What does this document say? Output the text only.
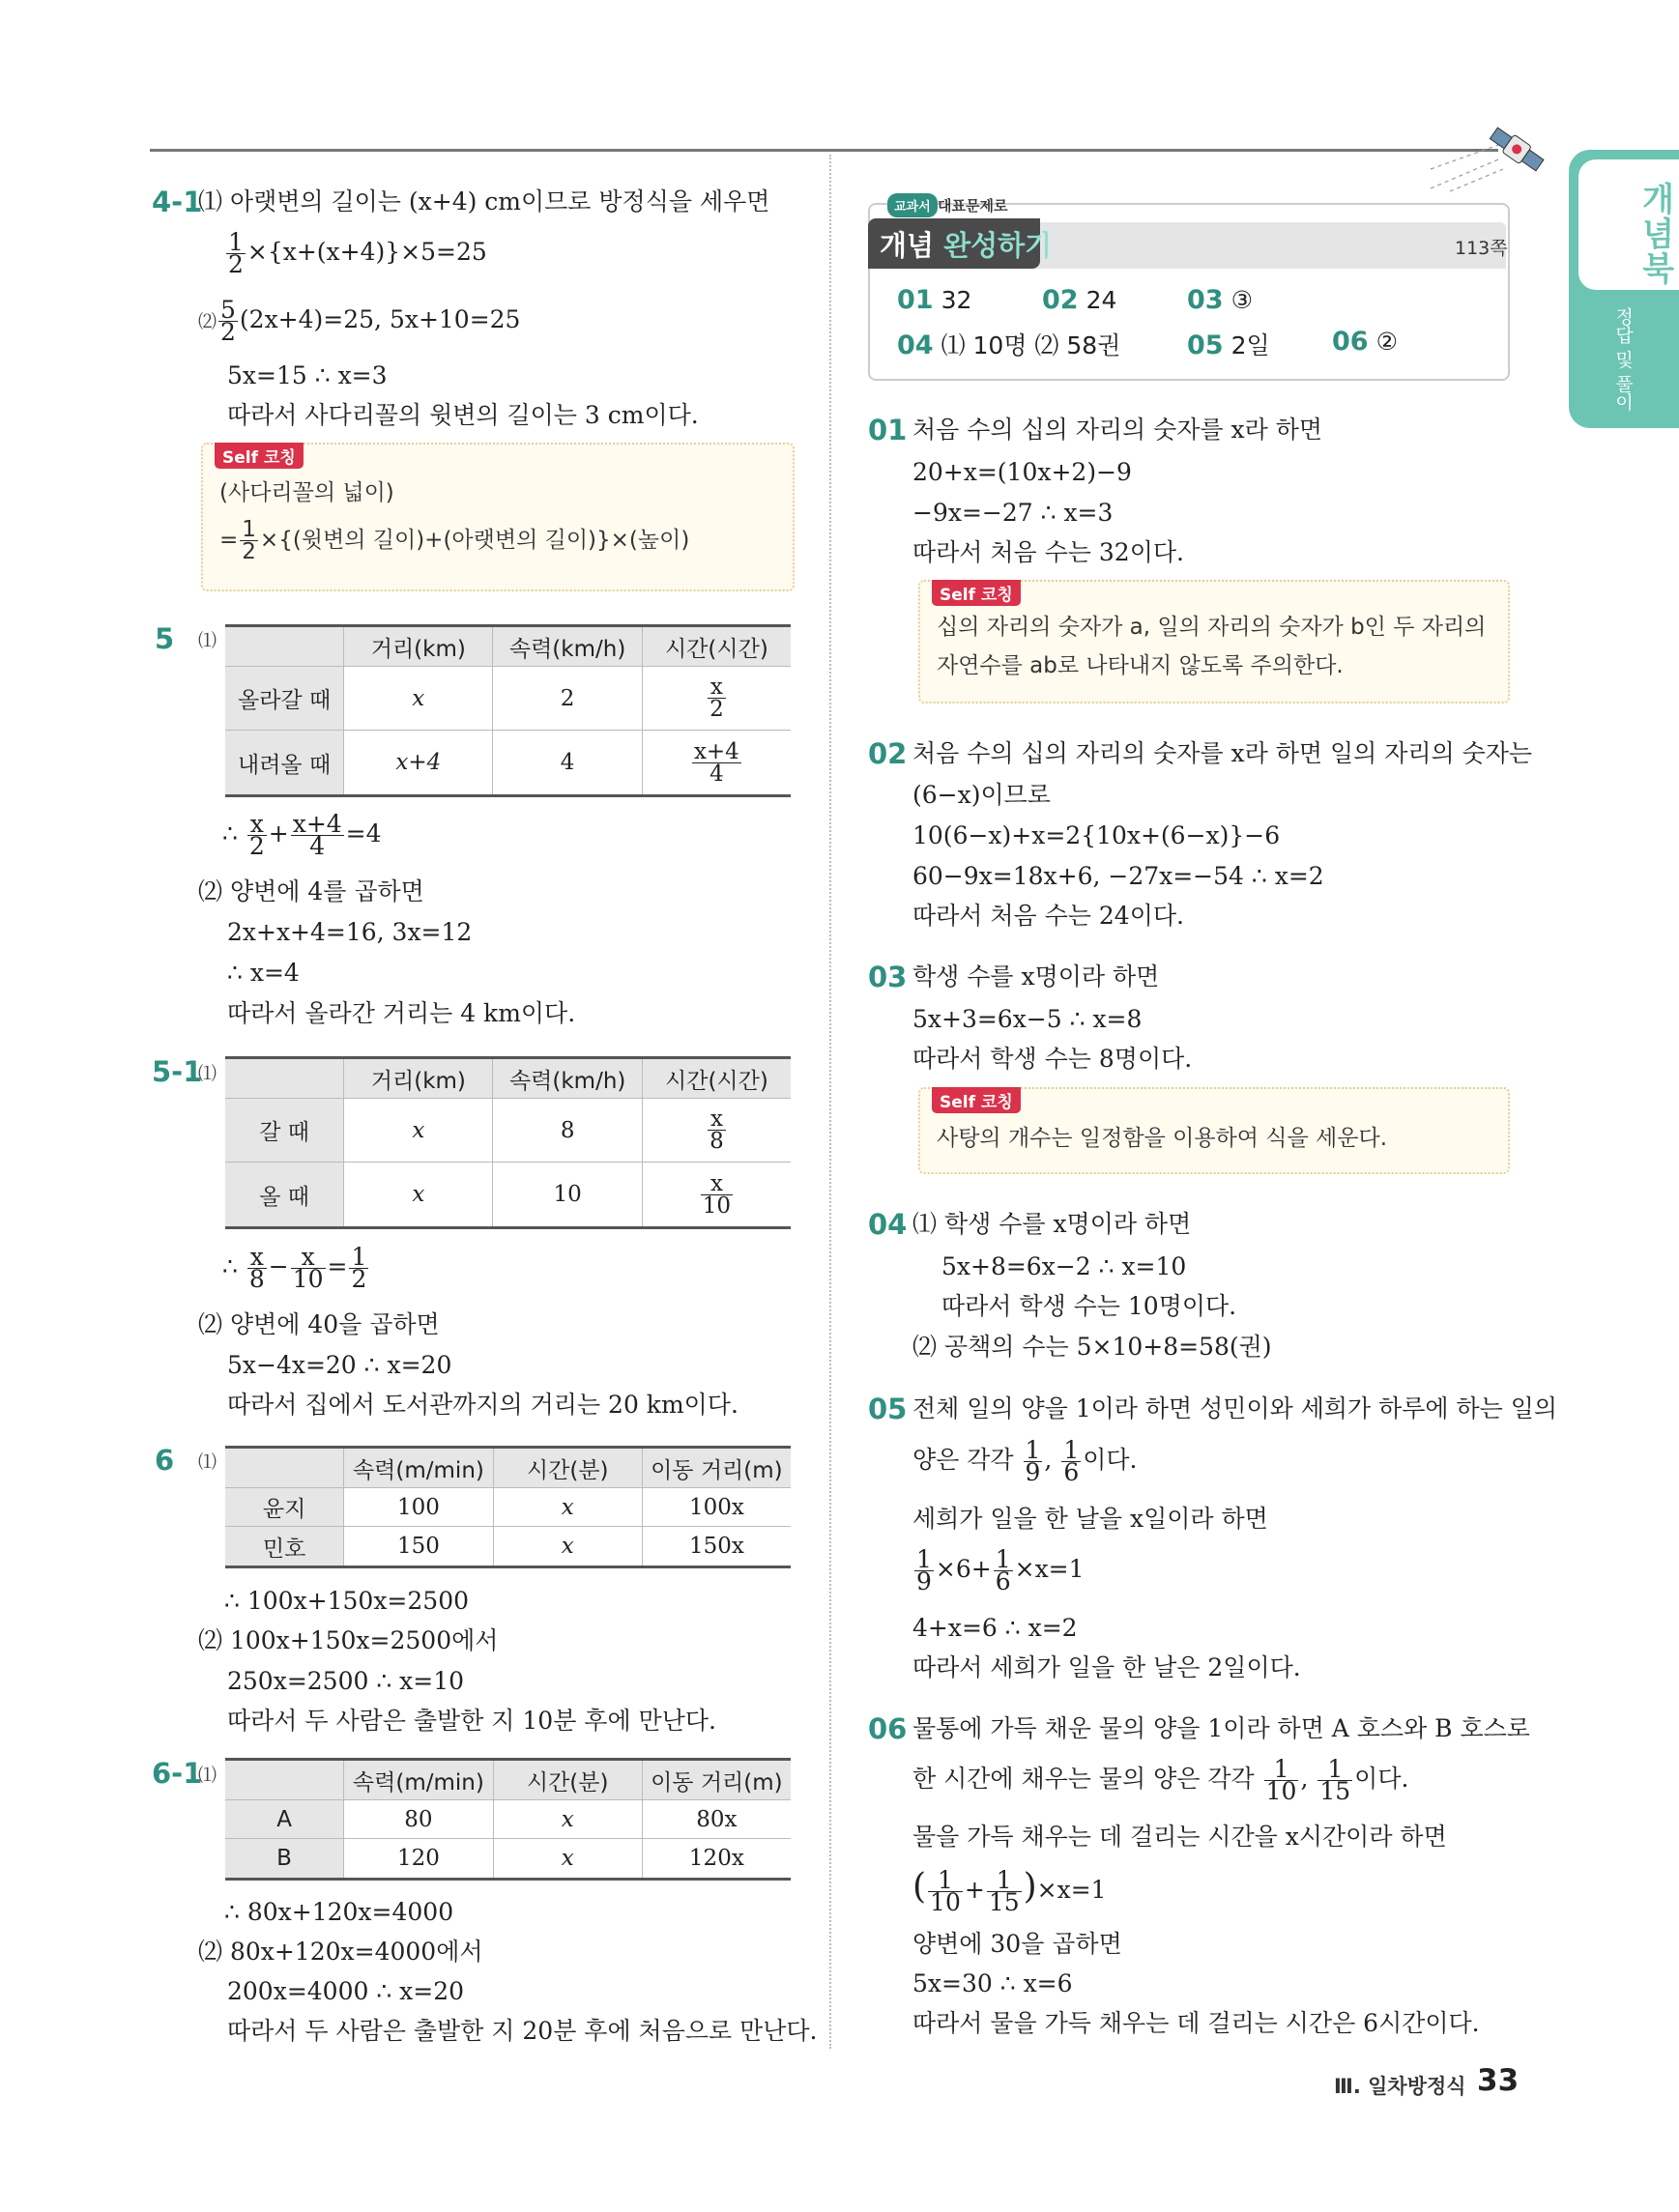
개념북
정답 및 풀이
4-1
⑴ 아랫변의 길이는 (x+4) cm이므로 방정식을 세우면
$\frac{1}{2} \times\{x+(x+4)\}\times 5=25$
⑵ $\frac{5}{2} (2x+4)=25$, 5x+10=25
5x=15 ∴ x=3
따라서 사다리꼴의 윗변의 길이는 3 cm이다.
Self 코칭
(사다리꼴의 넓이)
= $\frac{1}{2}$ ×{(윗변의 길이)+(아랫변의 길이)}×(높이)
5 ⑴
		거리(km)	속력(km/h)	시간(시간)
올라갈 때	x	2	$\frac{x}{2}$

내려올 때	x+4	4	$\frac{x+4}{4}$
∴ $\frac{x}{2} + \frac{x+4}{4} =4$
⑵ 양변에 4를 곱하면
2x+x+4=16, 3x=12
∴ x=4
따라서 올라간 거리는 4 km이다.
5-1
⑴
		거리(km)	속력(km/h)	시간(시간)
갈 때	x	8	$\frac{x}{8}$

올 때	x	10	$\frac{x}{10}$
∴ $\frac{x}{8} - \frac{x}{10} = \frac{1}{2}$
⑵ 양변에 40을 곱하면
5x−4x=20 ∴ x=20
따라서 집에서 도서관까지의 거리는 20 km이다.
6 ⑴
		속력(m/min)	시간(분)	이동 거리(m)
윤지	100	x	100x
민호	150	x	150x
∴ 100x+150x=2500
⑵ 100x+150x=2500에서
250x=2500 ∴ x=10
따라서 두 사람은 출발한 지 10분 후에 만난다.
6-1
⑴
		속력(m/min)	시간(분)	이동 거리(m)
A	80	x	80x
B	120	x	120x
∴ 80x+120x=4000
⑵ 80x+120x=4000에서
200x=4000 ∴ x=20
따라서 두 사람은 출발한 지 20분 후에 처음으로 만난다.
교과서 대표문제로
개념 완성하기	113쪽
01 32	02 24	03 ③
04 ⑴ 10명 ⑵ 58권	05 2일 06 ②
01 처음 수의 십의 자리의 숫자를 x라 하면
20+x=(10x+2)−9
−9x=−27 ∴ x=3
따라서 처음 수는 32이다.
Self 코칭
십의 자리의 숫자가 a, 일의 자리의 숫자가 b인 두 자리의
자연수를 ab로 나타내지 않도록 주의한다.
02 처음 수의 십의 자리의 숫자를 x라 하면 일의 자리의 숫자는
(6−x)이므로
10(6−x)+x=2{10x+(6−x)}−6
60−9x=18x+6, −27x=−54 ∴ x=2
따라서 처음 수는 24이다.
03 학생 수를 x명이라 하면
5x+3=6x−5 ∴ x=8
따라서 학생 수는 8명이다.
Self 코칭
사탕의 개수는 일정함을 이용하여 식을 세운다.
04 ⑴ 학생 수를 x명이라 하면
5x+8=6x−2 ∴ x=10
따라서 학생 수는 10명이다.
⑵ 공책의 수는 5×10+8=58(권)
05 전체 일의 양을 1이라 하면 성민이와 세희가 하루에 하는 일의
양은 각각 $\frac{1}{9}$ , $\frac{1}{6}$ 이다.
세희가 일을 한 날을 x일이라 하면
$\frac{1}{9} \times 6+ \frac{1}{6} \times x=1$
4+x=6 ∴ x=2
따라서 세희가 일을 한 날은 2일이다.
06 물통에 가득 채운 물의 양을 1이라 하면 A 호스와 B 호스로
한 시간에 채우는 물의 양은 각각 $\frac{1}{10}$ , $\frac{1}{15}$ 이다.
물을 가득 채우는 데 걸리는 시간을 x시간이라 하면
( $\frac{1}{10} + \frac{1}{15} )\times x=1$
양변에 30을 곱하면
5x=30 ∴ x=6
따라서 물을 가득 채우는 데 걸리는 시간은 6시간이다.
Ⅲ. 일차방정식 33
